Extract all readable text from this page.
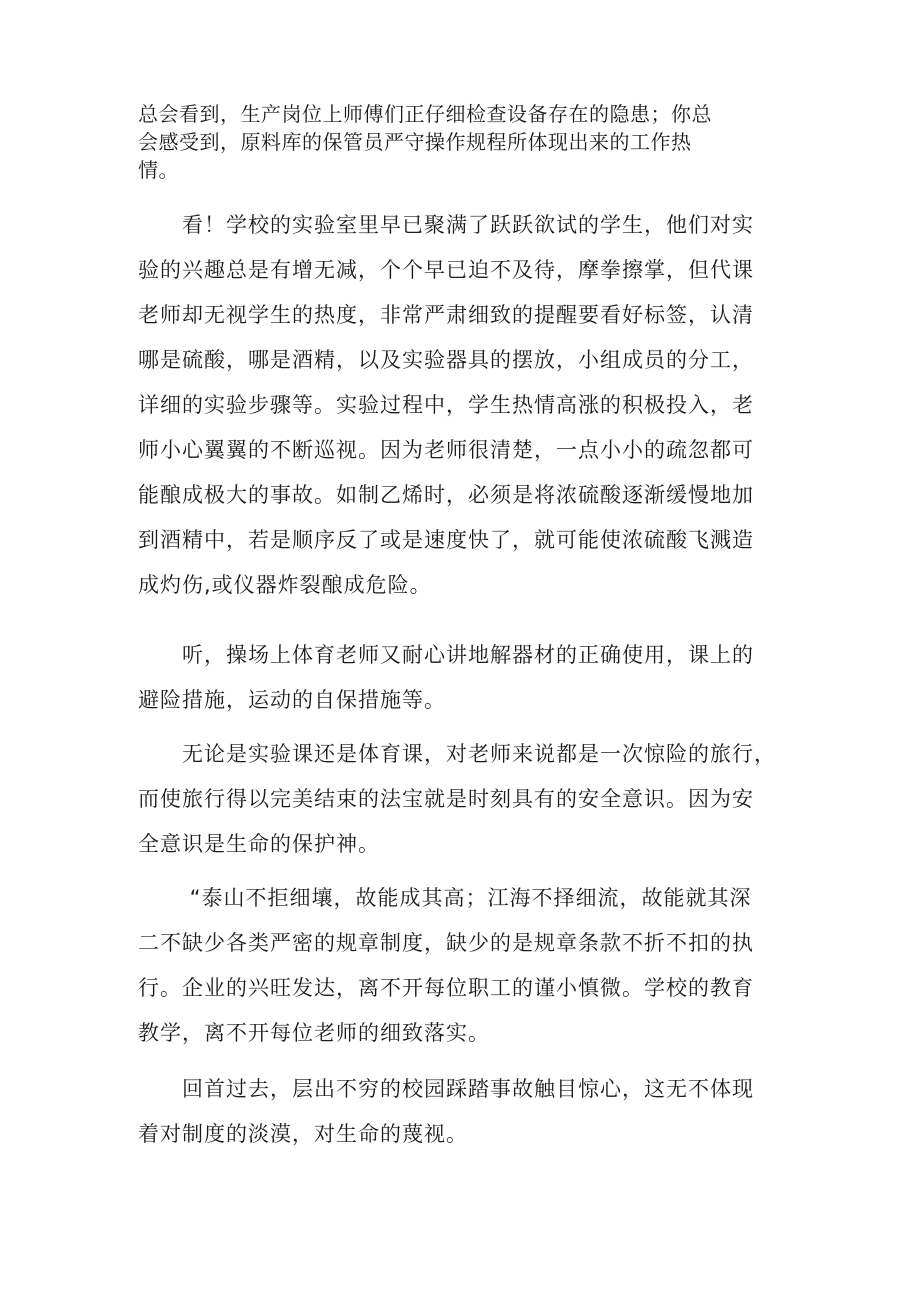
总会看到，生产岗位上师傅们正仔细检查设备存在的隐患；你总
会感受到，原料库的保管员严守操作规程所体现出来的工作热
情。
　　看！学校的实验室里早已聚满了跃跃欲试的学生，他们对实
验的兴趣总是有增无减，个个早已迫不及待，摩拳擦掌，但代课
老师却无视学生的热度，非常严肃细致的提醒要看好标签，认清
哪是硫酸，哪是酒精，以及实验器具的摆放，小组成员的分工，
详细的实验步骤等。实验过程中，学生热情高涨的积极投入，老
师小心翼翼的不断巡视。因为老师很清楚，一点小小的疏忽都可
能酿成极大的事故。如制乙烯时，必须是将浓硫酸逐渐缓慢地加
到酒精中，若是顺序反了或是速度快了，就可能使浓硫酸飞溅造
成灼伤,或仪器炸裂酿成危险。
　　听，操场上体育老师又耐心讲地解器材的正确使用，课上的
避险措施，运动的自保措施等。
　　无论是实验课还是体育课，对老师来说都是一次惊险的旅行，
而使旅行得以完美结束的法宝就是时刻具有的安全意识。因为安
全意识是生命的保护神。
　　 “泰山不拒细壤，故能成其高；江海不择细流，故能就其深
二不缺少各类严密的规章制度，缺少的是规章条款不折不扣的执
行。企业的兴旺发达，离不开每位职工的谨小慎微。学校的教育
教学，离不开每位老师的细致落实。
　　回首过去，层出不穷的校园踩踏事故触目惊心，这无不体现
着对制度的淡漠，对生命的蔑视。
